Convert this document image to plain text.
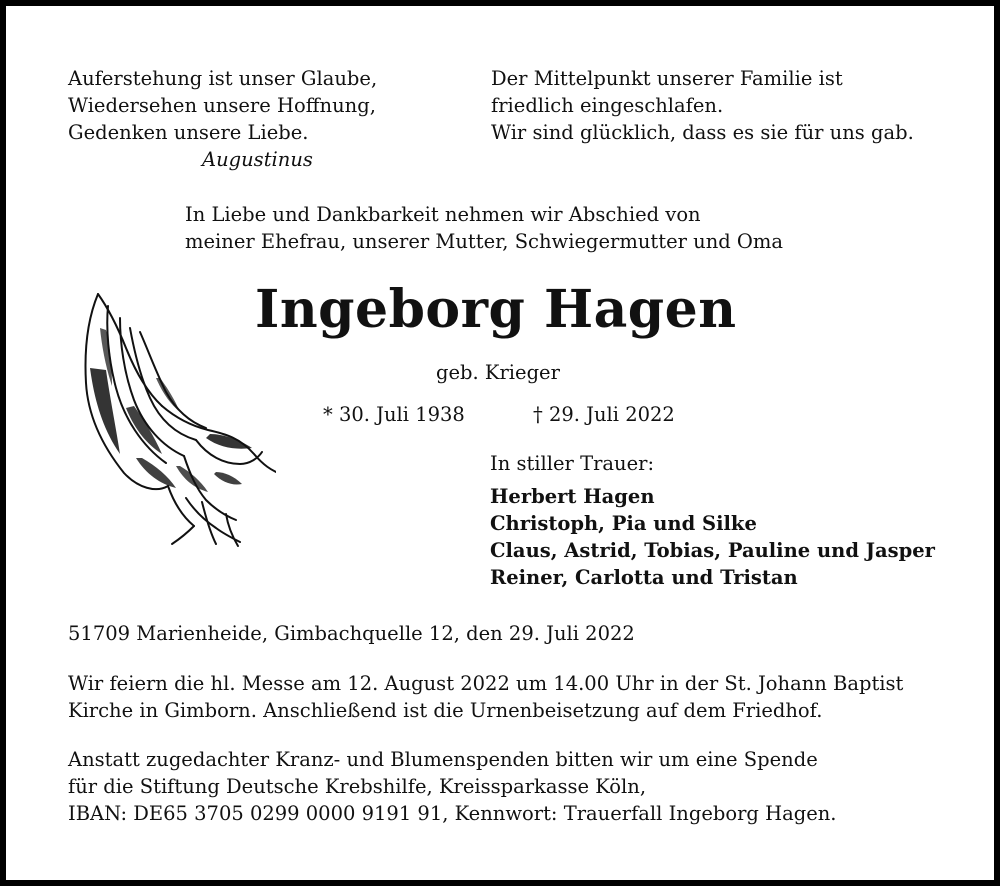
Auferstehung ist unser Glaube,
Wiedersehen unsere Hoffnung,
Gedenken unsere Liebe.
Augustinus
Der Mittelpunkt unserer Familie ist
friedlich eingeschlafen.
Wir sind glücklich, dass es sie für uns gab.
In Liebe und Dankbarkeit nehmen wir Abschied von
meiner Ehefrau, unserer Mutter, Schwiegermutter und Oma
Ingeborg Hagen
geb. Krieger
* 30. Juli 1938	† 29. Juli 2022
In stiller Trauer:
Herbert Hagen
Christoph, Pia und Silke
Claus, Astrid, Tobias, Pauline und Jasper
Reiner, Carlotta und Tristan
51709 Marienheide, Gimbachquelle 12, den 29. Juli 2022
Wir feiern die hl. Messe am 12. August 2022 um 14.00 Uhr in der St. Johann Baptist
Kirche in Gimborn. Anschließend ist die Urnenbeisetzung auf dem Friedhof.
Anstatt zugedachter Kranz- und Blumenspenden bitten wir um eine Spende
für die Stiftung Deutsche Krebshilfe, Kreissparkasse Köln,
IBAN: DE65 3705 0299 0000 9191 91, Kennwort: Trauerfall Ingeborg Hagen.
